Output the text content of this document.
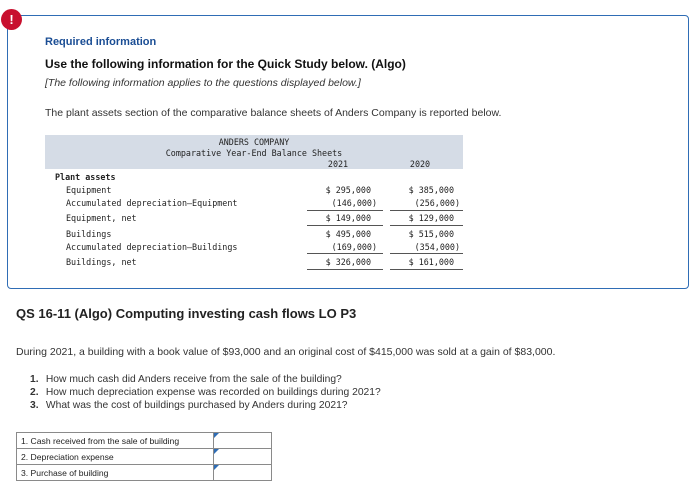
!
Required information
Use the following information for the Quick Study below. (Algo)
[The following information applies to the questions displayed below.]
The plant assets section of the comparative balance sheets of Anders Company is reported below.
ANDERS COMPANY
Comparative Year-End Balance Sheets
2021	2020
Plant assets
Equipment	$ 295,000	$ 385,000
Accumulated depreciation—Equipment	(146,000)	(256,000)
Equipment, net	$ 149,000	$ 129,000
Buildings	$ 495,000	$ 515,000
Accumulated depreciation—Buildings	(169,000)	(354,000)
Buildings, net	$ 326,000	$ 161,000
QS 16-11 (Algo) Computing investing cash flows LO P3
During 2021, a building with a book value of $93,000 and an original cost of $415,000 was sold at a gain of $83,000.
1. How much cash did Anders receive from the sale of the building?
2. How much depreciation expense was recorded on buildings during 2021?
3. What was the cost of buildings purchased by Anders during 2021?
1. Cash received from the sale of building	

2. Depreciation expense	

3. Purchase of building	
